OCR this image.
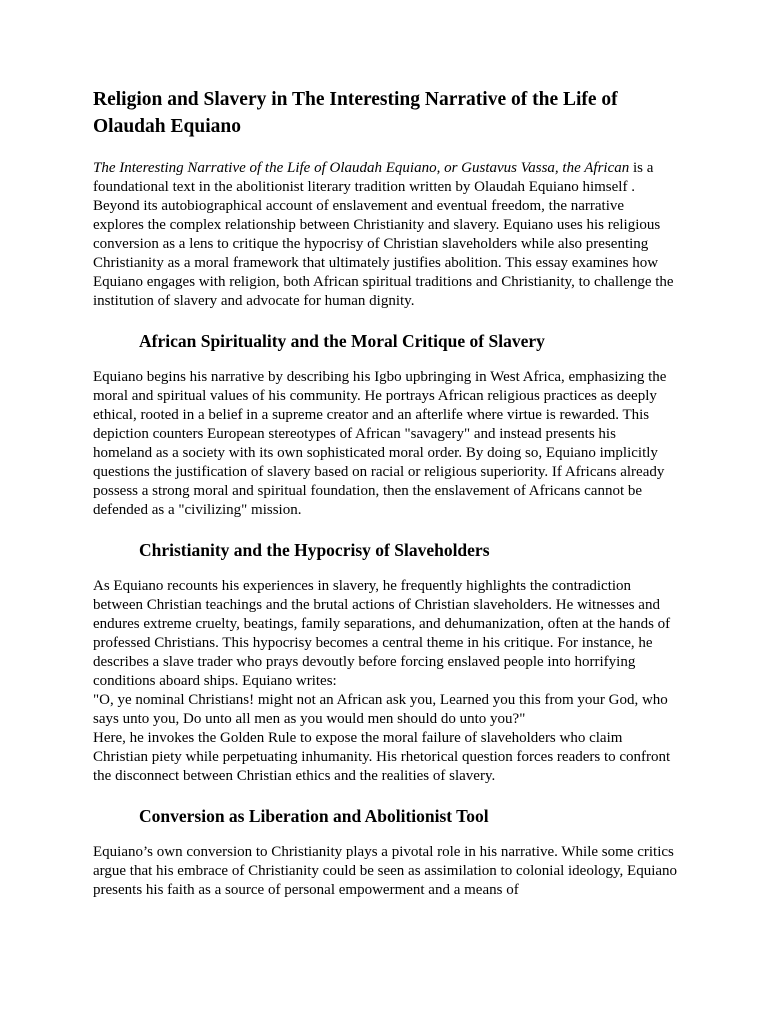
Religion and Slavery in The Interesting Narrative of the Life of Olaudah Equiano

The Interesting Narrative of the Life of Olaudah Equiano, or Gustavus Vassa, the African is a foundational text in the abolitionist literary tradition written by Olaudah Equiano himself . Beyond its autobiographical account of enslavement and eventual freedom, the narrative explores the complex relationship between Christianity and slavery. Equiano uses his religious conversion as a lens to critique the hypocrisy of Christian slaveholders while also presenting Christianity as a moral framework that ultimately justifies abolition. This essay examines how Equiano engages with religion, both African spiritual traditions and Christianity, to challenge the institution of slavery and advocate for human dignity.

African Spirituality and the Moral Critique of Slavery

Equiano begins his narrative by describing his Igbo upbringing in West Africa, emphasizing the moral and spiritual values of his community. He portrays African religious practices as deeply ethical, rooted in a belief in a supreme creator and an afterlife where virtue is rewarded. This depiction counters European stereotypes of African "savagery" and instead presents his homeland as a society with its own sophisticated moral order. By doing so, Equiano implicitly questions the justification of slavery based on racial or religious superiority. If Africans already possess a strong moral and spiritual foundation, then the enslavement of Africans cannot be defended as a "civilizing" mission.

Christianity and the Hypocrisy of Slaveholders

As Equiano recounts his experiences in slavery, he frequently highlights the contradiction between Christian teachings and the brutal actions of Christian slaveholders. He witnesses and endures extreme cruelty, beatings, family separations, and dehumanization, often at the hands of professed Christians. This hypocrisy becomes a central theme in his critique. For instance, he describes a slave trader who prays devoutly before forcing enslaved people into horrifying conditions aboard ships. Equiano writes:

"O, ye nominal Christians! might not an African ask you, Learned you this from your God, who says unto you, Do unto all men as you would men should do unto you?"

Here, he invokes the Golden Rule to expose the moral failure of slaveholders who claim Christian piety while perpetuating inhumanity. His rhetorical question forces readers to confront the disconnect between Christian ethics and the realities of slavery.

Conversion as Liberation and Abolitionist Tool

Equiano’s own conversion to Christianity plays a pivotal role in his narrative. While some critics argue that his embrace of Christianity could be seen as assimilation to colonial ideology, Equiano presents his faith as a source of personal empowerment and a means of
